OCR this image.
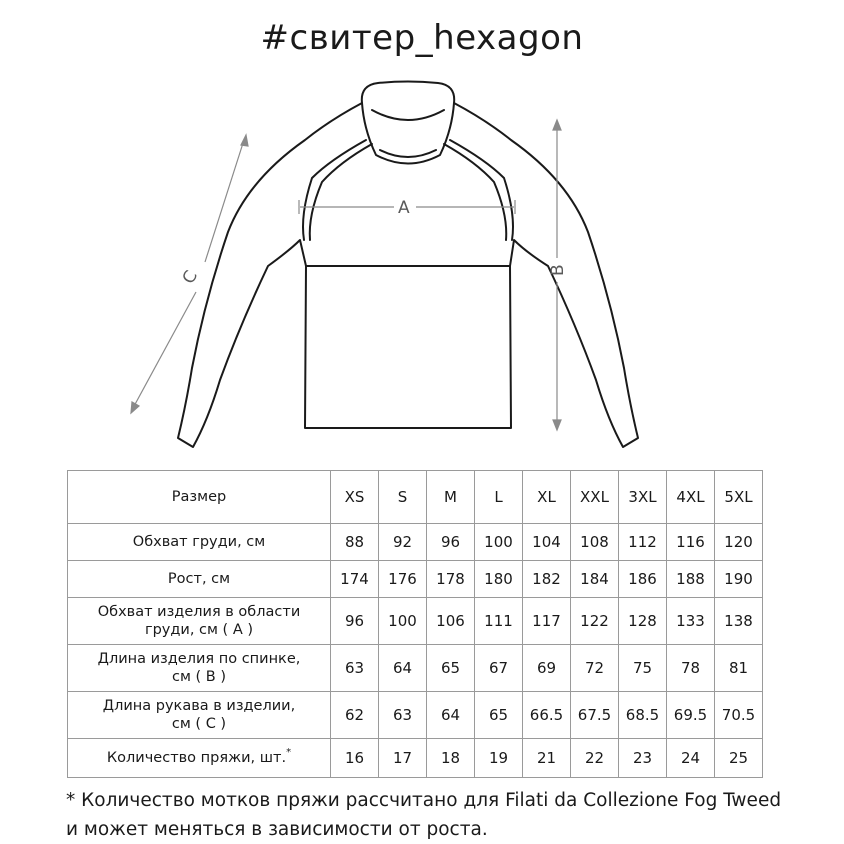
#свитер_hexagon
A
B
C
Размер	XS	S	M	L	XL	XXL	3XL	4XL	5XL
Обхват груди, см	88	92	96	100	104	108	112	116	120
Рост, см	174	176	178	180	182	184	186	188	190
Обхват изделия в области
груди, см ( А )	96	100	106	111	117	122	128	133	138
Длина изделия по спинке,
см ( B )	63	64	65	67	69	72	75	78	81
Длина рукава в изделии,
см ( С )	62	63	64	65	66.5	67.5	68.5	69.5	70.5
Количество пряжи, шт.*	16	17	18	19	21	22	23	24	25
* Количество мотков пряжи рассчитано для Filati da Collezione Fog Tweed
и может меняться в зависимости от роста.
